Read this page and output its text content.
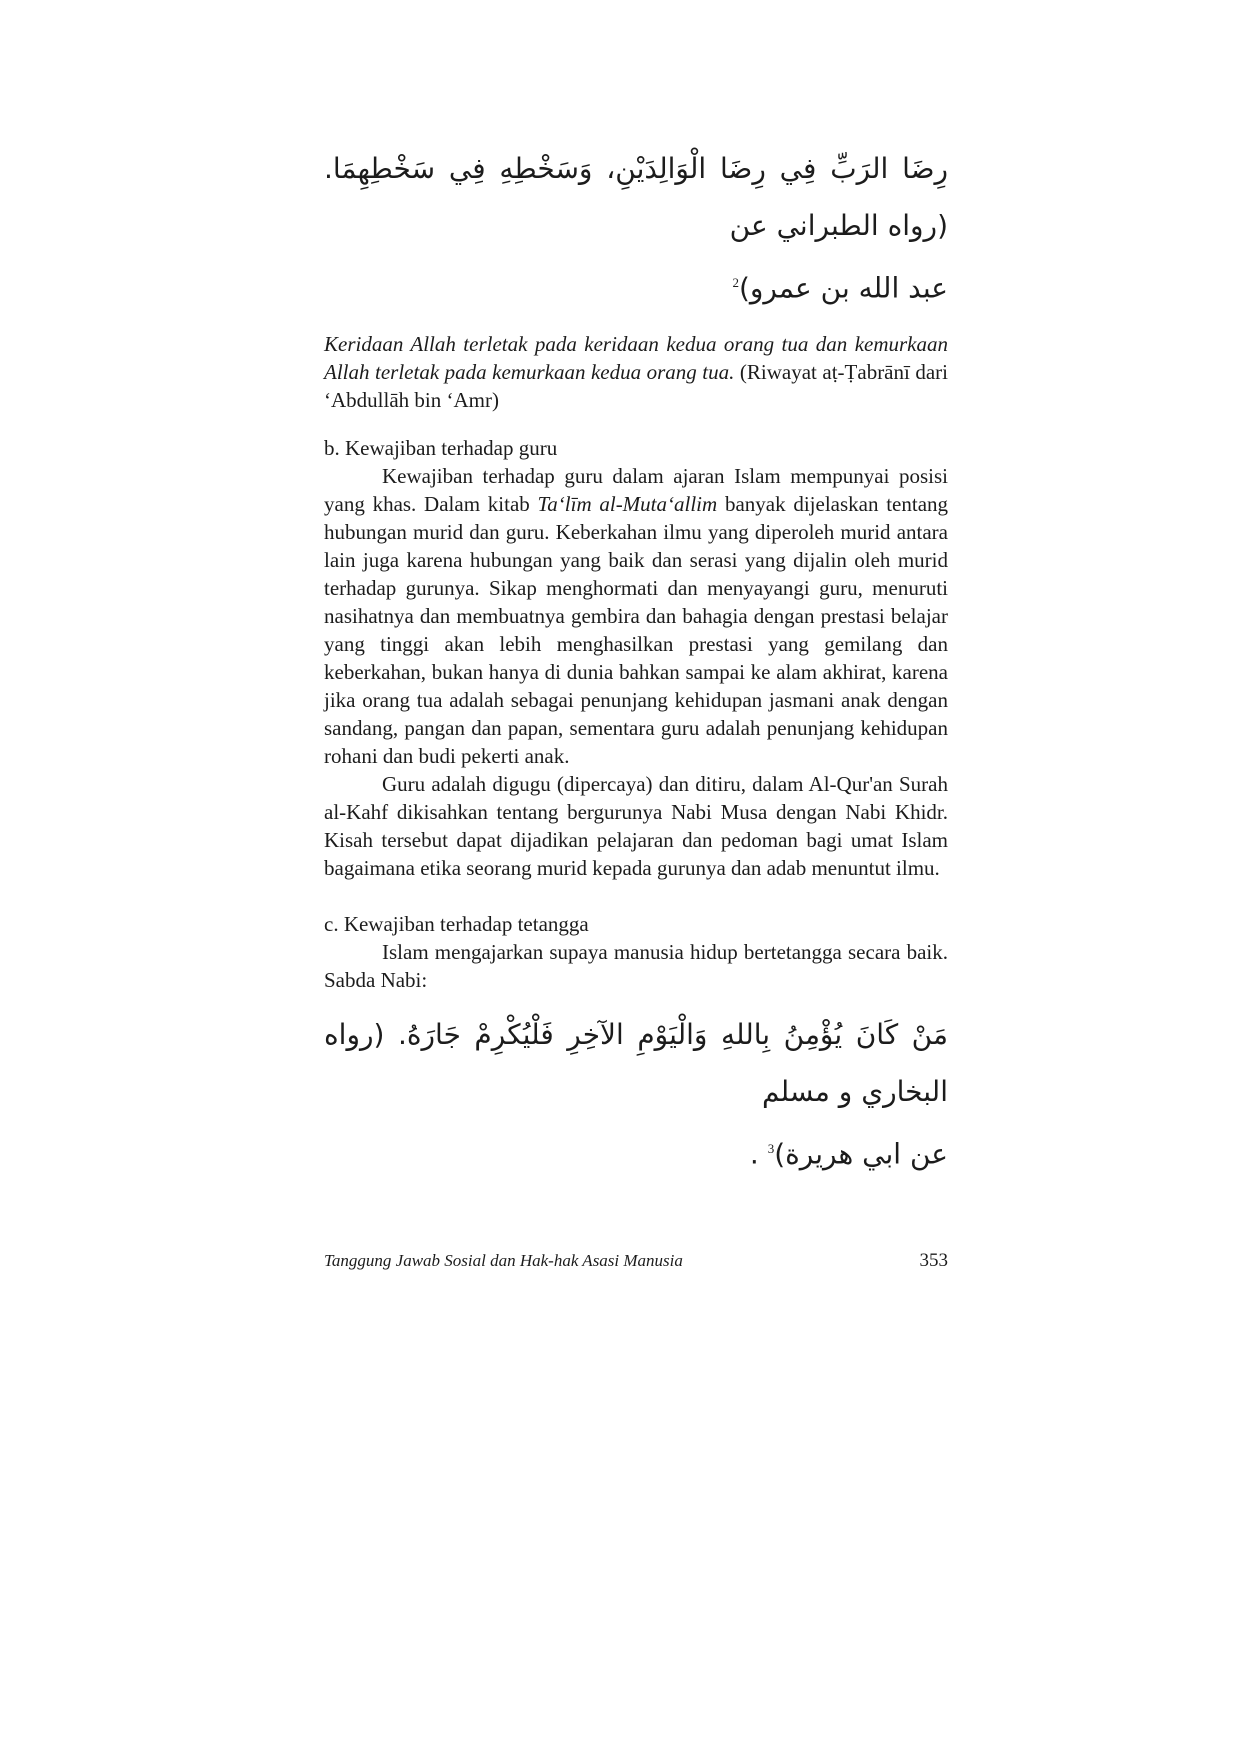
رِضَا الرَبِّ فِي رِضَا الْوَالِدَيْنِ، وَسَخْطِهِ فِي سَخْطِهِمَا. (رواه الطبراني عن
عبد الله بن عمرو)$^2$

Keridaan Allah terletak pada keridaan kedua orang tua dan kemurkaan Allah terletak pada kemurkaan kedua orang tua. (Riwayat aṭ-Ṭabrānī dari ‘Abdullāh bin ‘Amr)

b. Kewajiban terhadap guru

Kewajiban terhadap guru dalam ajaran Islam mempunyai posisi yang khas. Dalam kitab Ta‘līm al-Muta‘allim banyak dijelaskan tentang hubungan murid dan guru. Keberkahan ilmu yang diperoleh murid antara lain juga karena hubungan yang baik dan serasi yang dijalin oleh murid terhadap gurunya. Sikap menghormati dan menyayangi guru, menuruti nasihatnya dan membuatnya gembira dan bahagia dengan prestasi belajar yang tinggi akan lebih menghasilkan prestasi yang gemilang dan keberkahan, bukan hanya di dunia bahkan sampai ke alam akhirat, karena jika orang tua adalah sebagai penunjang kehidupan jasmani anak dengan sandang, pangan dan papan, sementara guru adalah penunjang kehidupan rohani dan budi pekerti anak.

Guru adalah digugu (dipercaya) dan ditiru, dalam Al-Qur'an Surah al-Kahf dikisahkan tentang bergurunya Nabi Musa dengan Nabi Khidr. Kisah tersebut dapat dijadikan pelajaran dan pedoman bagi umat Islam bagaimana etika seorang murid kepada gurunya dan adab menuntut ilmu.

c. Kewajiban terhadap tetangga

Islam mengajarkan supaya manusia hidup bertetangga secara baik. Sabda Nabi:

مَنْ كَانَ يُؤْمِنُ بِاللهِ وَالْيَوْمِ الآخِرِ فَلْيُكْرِمْ جَارَهُ. (رواه البخاري و مسلم
عن ابي هريرة)$^3$ .
Tanggung Jawab Sosial dan Hak-hak Asasi Manusia	353
